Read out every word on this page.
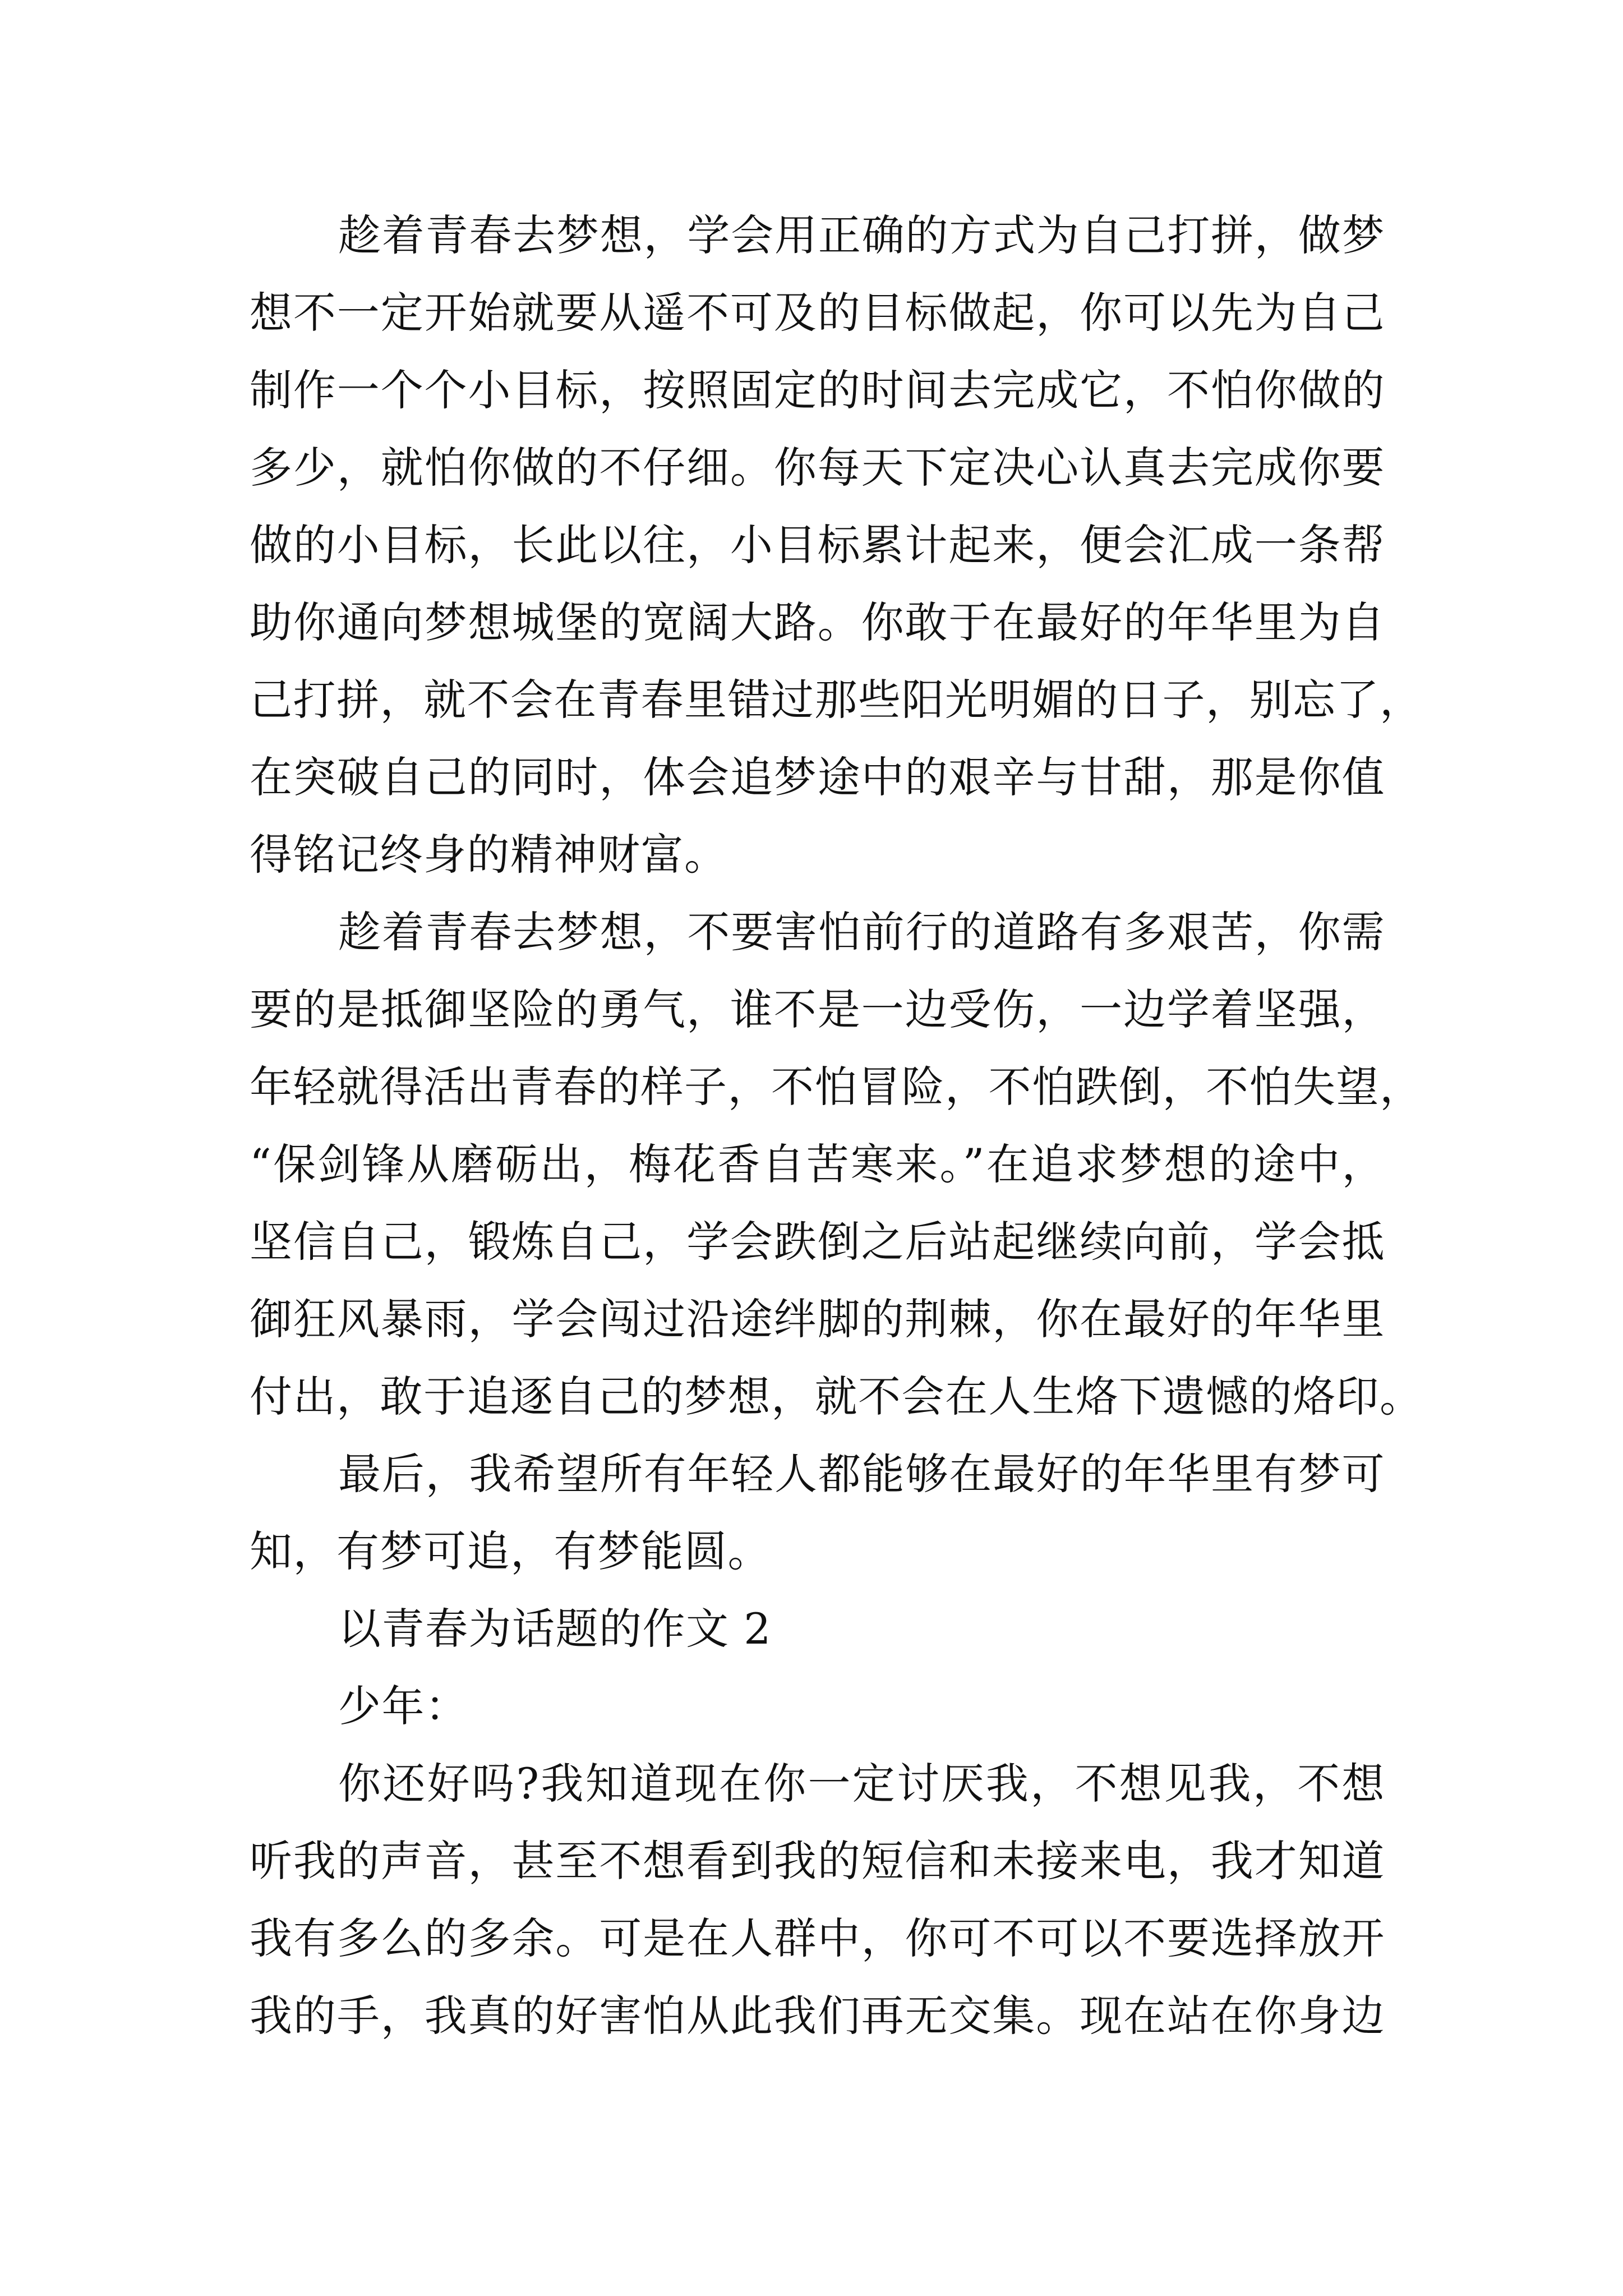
趁着青春去梦想，学会用正确的方式为自己打拼，做梦
想不一定开始就要从遥不可及的目标做起，你可以先为自己
制作一个个小目标，按照固定的时间去完成它，不怕你做的
多少，就怕你做的不仔细。你每天下定决心认真去完成你要
做的小目标，长此以往，小目标累计起来，便会汇成一条帮
助你通向梦想城堡的宽阔大路。你敢于在最好的年华里为自
己打拼，就不会在青春里错过那些阳光明媚的日子，别忘了，
在突破自己的同时，体会追梦途中的艰辛与甘甜，那是你值
得铭记终身的精神财富。
趁着青春去梦想，不要害怕前行的道路有多艰苦，你需
要的是抵御坚险的勇气，谁不是一边受伤，一边学着坚强，
年轻就得活出青春的样子，不怕冒险，不怕跌倒，不怕失望，
“保剑锋从磨砺出，梅花香自苦寒来。”在追求梦想的途中，
坚信自己，锻炼自己，学会跌倒之后站起继续向前，学会抵
御狂风暴雨，学会闯过沿途绊脚的荆棘，你在最好的年华里
付出，敢于追逐自己的梦想，就不会在人生烙下遗憾的烙印。
最后，我希望所有年轻人都能够在最好的年华里有梦可
知，有梦可追，有梦能圆。
以青春为话题的作文 2
少年：
你还好吗?我知道现在你一定讨厌我，不想见我，不想
听我的声音，甚至不想看到我的短信和未接来电，我才知道
我有多么的多余。可是在人群中，你可不可以不要选择放开
我的手，我真的好害怕从此我们再无交集。现在站在你身边
